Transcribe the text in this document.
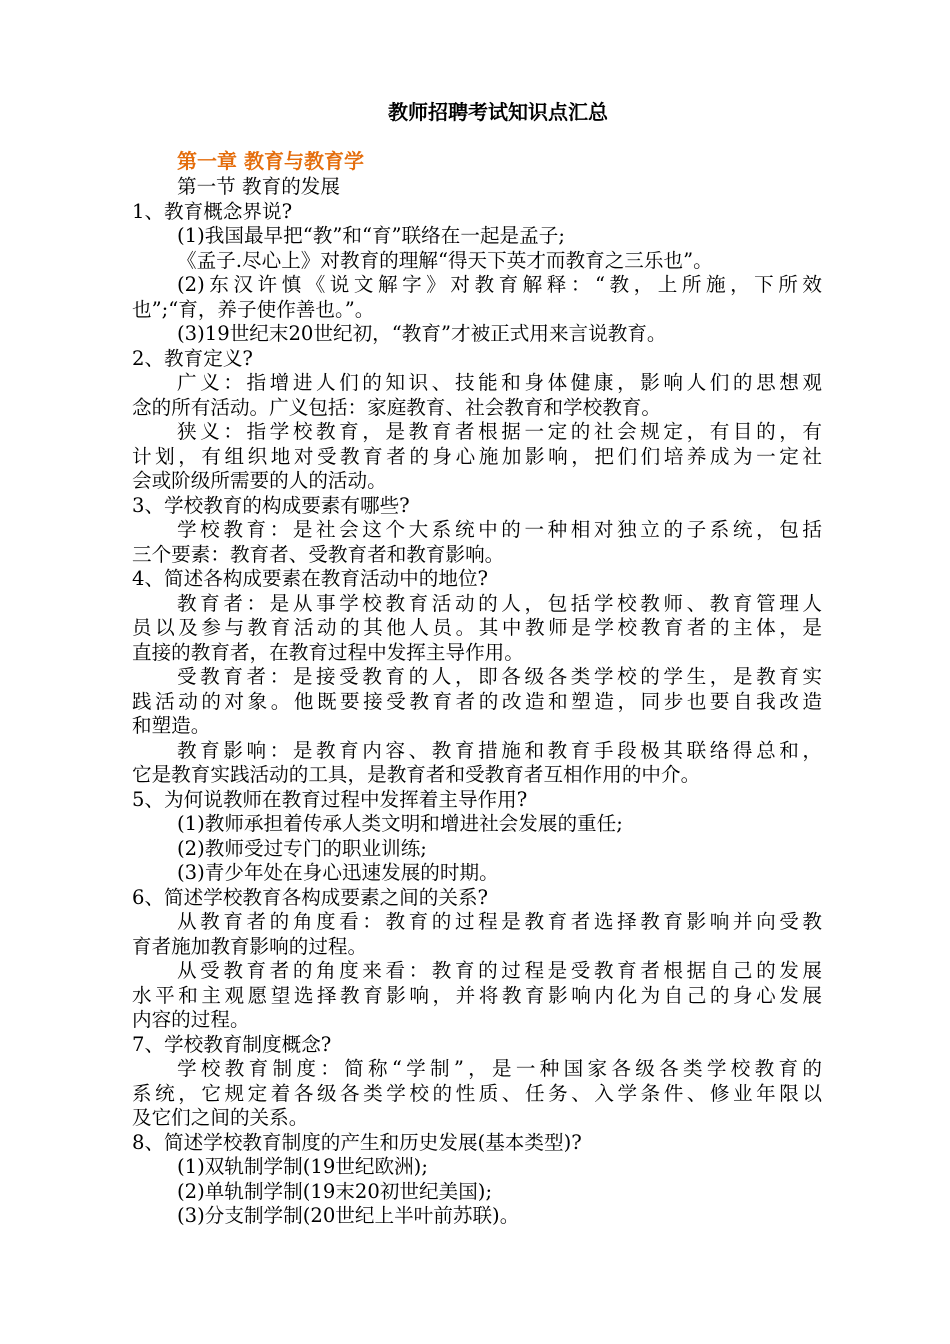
教师招聘考试知识点汇总
第一章 教育与教育学
第一节 教育的发展
1、教育概念界说?
(1)我国最早把“教”和“育”联络在一起是孟子;
《孟子.尽心上》对教育的理解“得天下英才而教育之三乐也”。
(2)东汉许慎《说文解字》对教育解释：“教，上所施，下所效
也”;“育，养子使作善也。”。
(3)19世纪末20世纪初，“教育”才被正式用来言说教育。
2、教育定义?
广义：指增进人们的知识、技能和身体健康，影响人们的思想观
念的所有活动。广义包括：家庭教育、社会教育和学校教育。
狭义：指学校教育，是教育者根据一定的社会规定，有目的，有
计划，有组织地对受教育者的身心施加影响，把们们培养成为一定社
会或阶级所需要的人的活动。
3、学校教育的构成要素有哪些?
学校教育：是社会这个大系统中的一种相对独立的子系统，包括
三个要素：教育者、受教育者和教育影响。
4、简述各构成要素在教育活动中的地位?
教育者：是从事学校教育活动的人，包括学校教师、教育管理人
员以及参与教育活动的其他人员。其中教师是学校教育者的主体，是
直接的教育者，在教育过程中发挥主导作用。
受教育者：是接受教育的人，即各级各类学校的学生，是教育实
践活动的对象。他既要接受教育者的改造和塑造，同步也要自我改造
和塑造。
教育影响：是教育内容、教育措施和教育手段极其联络得总和，
它是教育实践活动的工具，是教育者和受教育者互相作用的中介。
5、为何说教师在教育过程中发挥着主导作用?
(1)教师承担着传承人类文明和增进社会发展的重任;
(2)教师受过专门的职业训练;
(3)青少年处在身心迅速发展的时期。
6、简述学校教育各构成要素之间的关系?
从教育者的角度看：教育的过程是教育者选择教育影响并向受教
育者施加教育影响的过程。
从受教育者的角度来看：教育的过程是受教育者根据自己的发展
水平和主观愿望选择教育影响，并将教育影响内化为自己的身心发展
内容的过程。
7、学校教育制度概念?
学校教育制度：简称“学制”，是一种国家各级各类学校教育的
系统，它规定着各级各类学校的性质、任务、入学条件、修业年限以
及它们之间的关系。
8、简述学校教育制度的产生和历史发展(基本类型)?
(1)双轨制学制(19世纪欧洲);
(2)单轨制学制(19末20初世纪美国);
(3)分支制学制(20世纪上半叶前苏联)。
